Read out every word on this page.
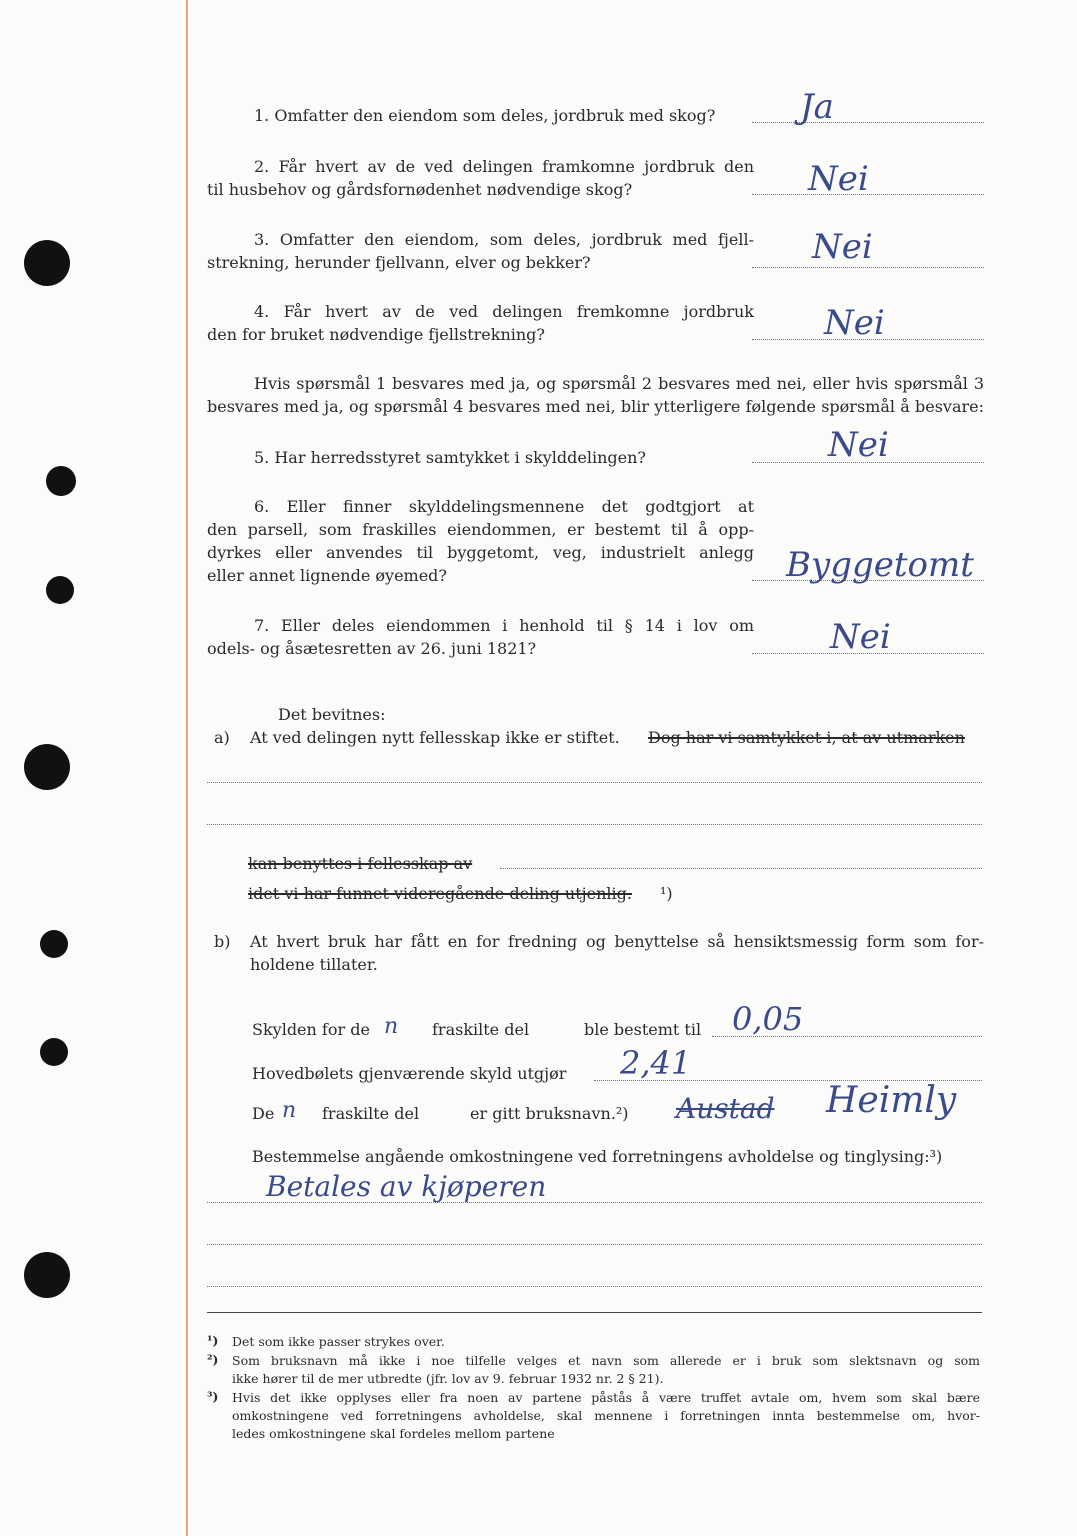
1. Omfatter den eiendom som deles, jordbruk med skog? Ja
2. Får hvert av de ved delingen framkomne jordbruk den
til husbehov og gårdsfornødenhet nødvendige skog?	Nei
3. Omfatter den eiendom, som deles, jordbruk med fjell-
strekning, herunder fjellvann, elver og bekker?	Nei
4. Får hvert av de ved delingen fremkomne jordbruk
den for bruket nødvendige fjellstrekning?	Nei
Hvis spørsmål 1 besvares med ja, og spørsmål 2 besvares med nei, eller hvis spørsmål 3
besvares med ja, og spørsmål 4 besvares med nei, blir ytterligere følgende spørsmål å besvare:
5. Har herredsstyret samtykket i skylddelingen?	Nei
6. Eller finner skylddelingsmennene det godtgjort at
den parsell, som fraskilles eiendommen, er bestemt til å opp-
dyrkes eller anvendes til byggetomt, veg, industrielt anlegg
eller annet lignende øyemed?	Byggetomt
7. Eller deles eiendommen i henhold til § 14 i lov om
odels- og åsætesretten av 26. juni 1821?	Nei
Det bevitnes:
a) At ved delingen nytt fellesskap ikke er stiftet. Dog har vi samtykket i, at av utmarken
kan benyttes i fellesskap av
idet vi har funnet videregående deling utjenlig. ¹)
b) At hvert bruk har fått en for fredning og benyttelse så hensiktsmessig form som for-
holdene tillater.
Skylden for de n fraskilte del	ble bestemt til 0,05
Hovedbølets gjenværende skyld utgjør 2,41
De n fraskilte del	er gitt bruksnavn.²) Austad Heimly
Bestemmelse angående omkostningene ved forretningens avholdelse og tinglysing:³)
Betales av kjøperen
¹) Det som ikke passer strykes over.
²) Som bruksnavn må ikke i noe tilfelle velges et navn som allerede er i bruk som slektsnavn og som
ikke hører til de mer utbredte (jfr. lov av 9. februar 1932 nr. 2 § 21).
³) Hvis det ikke opplyses eller fra noen av partene påstås å være truffet avtale om, hvem som skal bære
omkostningene ved forretningens avholdelse, skal mennene i forretningen innta bestemmelse om, hvor-
ledes omkostningene skal fordeles mellom partene
